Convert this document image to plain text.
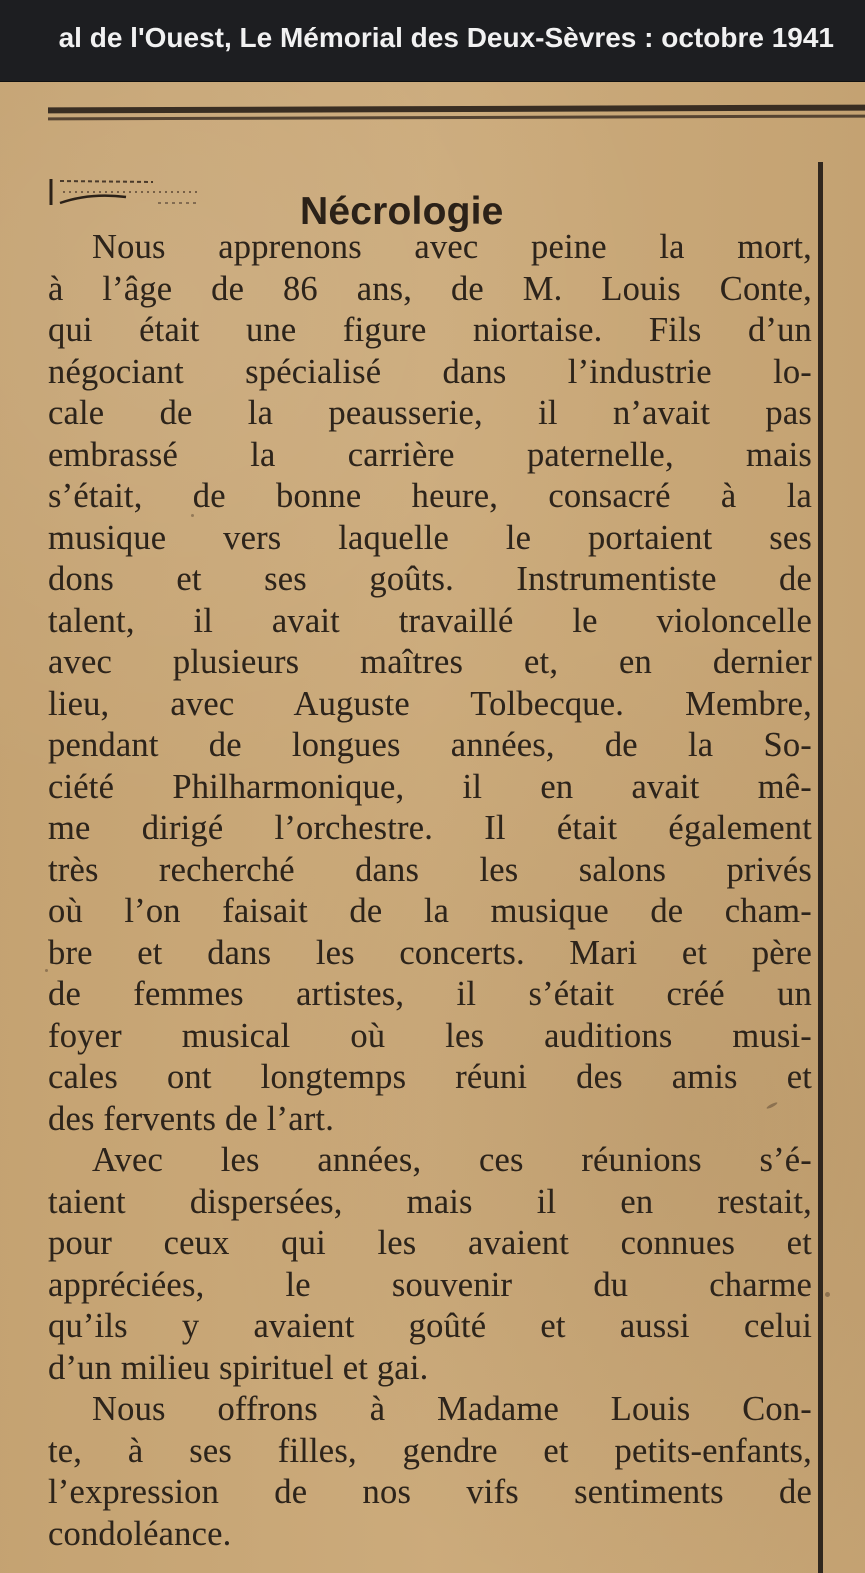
al de l'Ouest, Le Mémorial des Deux-Sèvres : octobre 1941
Nécrologie
Nous apprenons avec peine la mort,
à l’âge de 86 ans, de M. Louis Conte,
qui était une figure niortaise. Fils d’un
négociant spécialisé dans l’industrie lo-
cale de la peausserie, il n’avait pas
embrassé la carrière paternelle, mais
s’était, de bonne heure, consacré à la
musique vers laquelle le portaient ses
dons et ses goûts. Instrumentiste de
talent, il avait travaillé le violoncelle
avec plusieurs maîtres et, en dernier
lieu, avec Auguste Tolbecque. Membre,
pendant de longues années, de la So-
ciété Philharmonique, il en avait mê-
me dirigé l’orchestre. Il était également
très recherché dans les salons privés
où l’on faisait de la musique de cham-
bre et dans les concerts. Mari et père
de femmes artistes, il s’était créé un
foyer musical où les auditions musi-
cales ont longtemps réuni des amis et
des fervents de l’art.
Avec les années, ces réunions s’é-
taient dispersées, mais il en restait,
pour ceux qui les avaient connues et
appréciées, le souvenir du charme
qu’ils y avaient goûté et aussi celui
d’un milieu spirituel et gai.
Nous offrons à Madame Louis Con-
te, à ses filles, gendre et petits-enfants,
l’expression de nos vifs sentiments de
condoléance.
